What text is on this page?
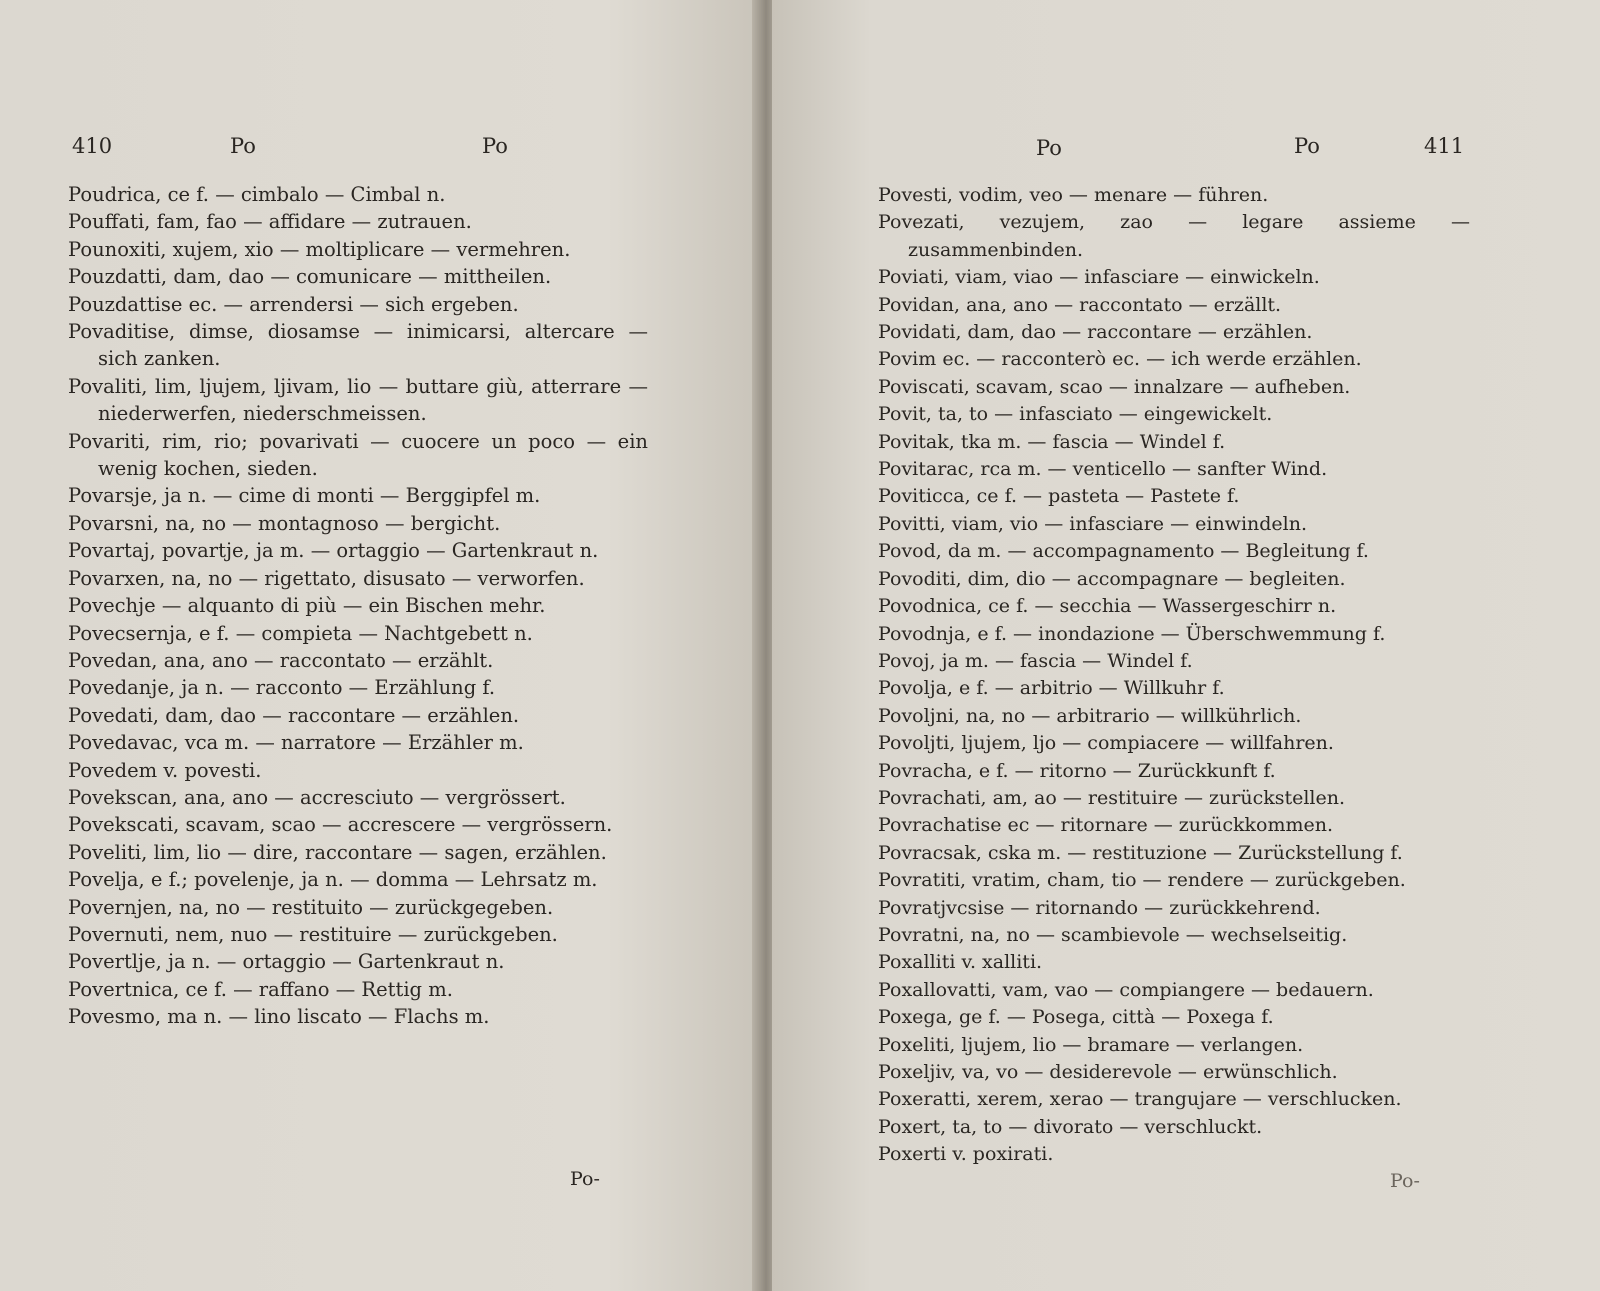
410	Po	Po
Poudrica, ce f. — cimbalo — Cimbal n.
Pouffati, fam, fao — affidare — zutrauen.
Pounoxiti, xujem, xio — moltiplicare — vermehren.
Pouzdatti, dam, dao — comunicare — mittheilen.
Pouzdattise ec. — arrendersi — sich ergeben.
Povaditise, dimse, diosamse — inimicarsi, altercare — sich zanken.
Povaliti, lim, ljujem, ljivam, lio — buttare giù, atterrare — niederwerfen, niederschmeissen.
Povariti, rim, rio; povarivati — cuocere un poco — ein wenig kochen, sieden.
Povarsje, ja n. — cime di monti — Berggipfel m.
Povarsni, na, no — montagnoso — bergicht.
Povartaj, povartje, ja m. — ortaggio — Gartenkraut n.
Povarxen, na, no — rigettato, disusato — verworfen.
Povechje — alquanto di più — ein Bischen mehr.
Povecsernja, e f. — compieta — Nachtgebett n.
Povedan, ana, ano — raccontato — erzählt.
Povedanje, ja n. — racconto — Erzählung f.
Povedati, dam, dao — raccontare — erzählen.
Povedavac, vca m. — narratore — Erzähler m.
Povedem v. povesti.
Povekscan, ana, ano — accresciuto — vergrössert.
Povekscati, scavam, scao — accrescere — vergrössern.
Poveliti, lim, lio — dire, raccontare — sagen, erzählen.
Povelja, e f.; povelenje, ja n. — domma — Lehrsatz m.
Povernjen, na, no — restituito — zurückgegeben.
Povernuti, nem, nuo — restituire — zurückgeben.
Povertlje, ja n. — ortaggio — Gartenkraut n.
Povertnica, ce f. — raffano — Rettig m.
Povesmo, ma n. — lino liscato — Flachs m.
Po-
Po	Po	411
Povesti, vodim, veo — menare — führen.
Povezati, vezujem, zao — legare assieme — zusammenbinden.
Poviati, viam, viao — infasciare — einwickeln.
Povidan, ana, ano — raccontato — erzällt.
Povidati, dam, dao — raccontare — erzählen.
Povim ec. — racconterò ec. — ich werde erzählen.
Poviscati, scavam, scao — innalzare — aufheben.
Povit, ta, to — infasciato — eingewickelt.
Povitak, tka m. — fascia — Windel f.
Povitarac, rca m. — venticello — sanfter Wind.
Poviticca, ce f. — pasteta — Pastete f.
Povitti, viam, vio — infasciare — einwindeln.
Povod, da m. — accompagnamento — Begleitung f.
Povoditi, dim, dio — accompagnare — begleiten.
Povodnica, ce f. — secchia — Wassergeschirr n.
Povodnja, e f. — inondazione — Überschwemmung f.
Povoj, ja m. — fascia — Windel f.
Povolja, e f. — arbitrio — Willkuhr f.
Povoljni, na, no — arbitrario — willkührlich.
Povoljti, ljujem, ljo — compiacere — willfahren.
Povracha, e f. — ritorno — Zurückkunft f.
Povrachati, am, ao — restituire — zurückstellen.
Povrachatise ec — ritornare — zurückkommen.
Povracsak, cska m. — restituzione — Zurückstellung f.
Povratiti, vratim, cham, tio — rendere — zurückgeben.
Povratjvcsise — ritornando — zurückkehrend.
Povratni, na, no — scambievole — wechselseitig.
Poxalliti v. xalliti.
Poxallovatti, vam, vao — compiangere — bedauern.
Poxega, ge f. — Posega, città — Poxega f.
Poxeliti, ljujem, lio — bramare — verlangen.
Poxeljiv, va, vo — desiderevole — erwünschlich.
Poxeratti, xerem, xerao — trangujare — verschlucken.
Poxert, ta, to — divorato — verschluckt.
Poxerti v. poxirati.
Po-
